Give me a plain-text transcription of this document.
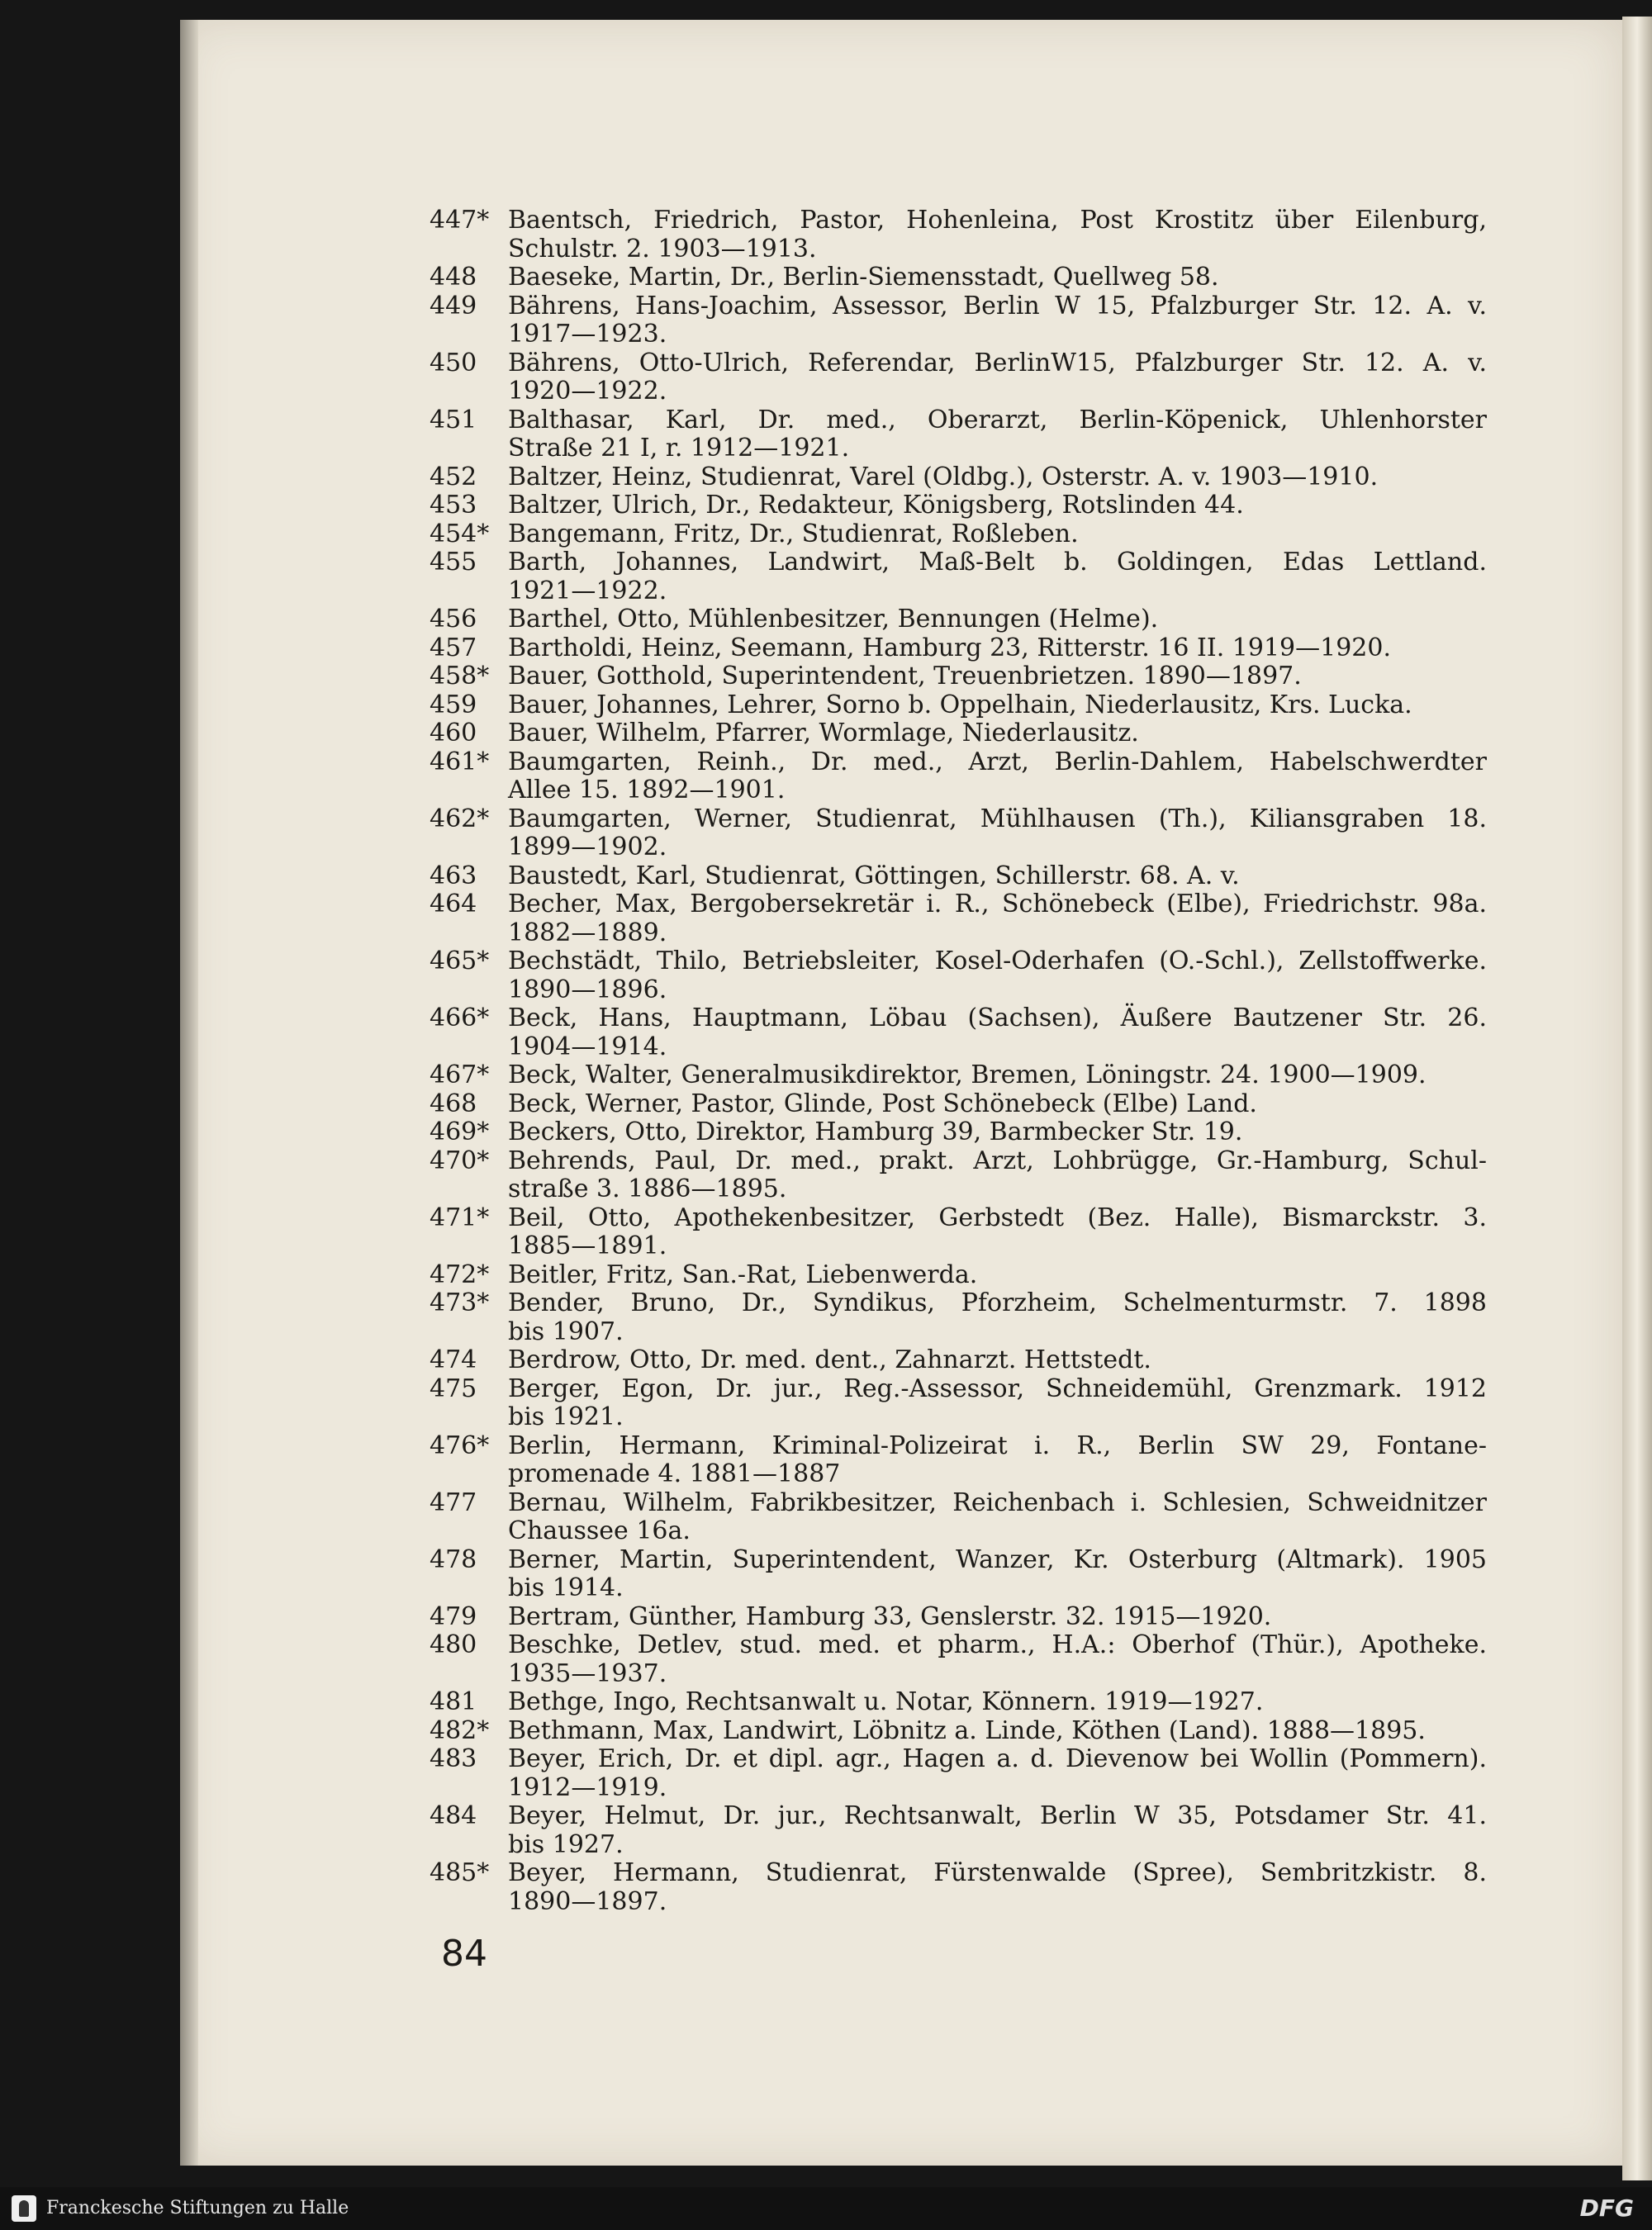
447* Baentsch, Friedrich, Pastor, Hohenleina, Post Krostitz über Eilenburg,
Schulstr. 2. 1903—1913.
448	Baeseke, Martin, Dr., Berlin-Siemensstadt, Quellweg 58.
449	Bährens, Hans-Joachim, Assessor, Berlin W 15, Pfalzburger Str. 12. A. v.
1917—1923.
450	Bährens, Otto-Ulrich, Referendar, BerlinW15, Pfalzburger Str. 12. A. v.
1920—1922.
451	Balthasar, Karl, Dr. med., Oberarzt, Berlin-Köpenick, Uhlenhorster
Straße 21 I, r. 1912—1921.
452	Baltzer, Heinz, Studienrat, Varel (Oldbg.), Osterstr. A. v. 1903—1910.
453	Baltzer, Ulrich, Dr., Redakteur, Königsberg, Rotslinden 44.
454* Bangemann, Fritz, Dr., Studienrat, Roßleben.
455	Barth, Johannes, Landwirt, Maß-Belt b. Goldingen, Edas Lettland.
1921—1922.
456	Barthel, Otto, Mühlenbesitzer, Bennungen (Helme).
457	Bartholdi, Heinz, Seemann, Hamburg 23, Ritterstr. 16 II. 1919—1920.
458* Bauer, Gotthold, Superintendent, Treuenbrietzen. 1890—1897.
459	Bauer, Johannes, Lehrer, Sorno b. Oppelhain, Niederlausitz, Krs. Lucka.
460	Bauer, Wilhelm, Pfarrer, Wormlage, Niederlausitz.
461* Baumgarten, Reinh., Dr. med., Arzt, Berlin-Dahlem, Habelschwerdter
Allee 15. 1892—1901.
462* Baumgarten, Werner, Studienrat, Mühlhausen (Th.), Kiliansgraben 18.
1899—1902.
463	Baustedt, Karl, Studienrat, Göttingen, Schillerstr. 68. A. v.
464	Becher, Max, Bergobersekretär i. R., Schönebeck (Elbe), Friedrichstr. 98a.
1882—1889.
465* Bechstädt, Thilo, Betriebsleiter, Kosel-Oderhafen (O.-Schl.), Zellstoffwerke.
1890—1896.
466* Beck, Hans, Hauptmann, Löbau (Sachsen), Äußere Bautzener Str. 26.
1904—1914.
467* Beck, Walter, Generalmusikdirektor, Bremen, Löningstr. 24. 1900—1909.
468	Beck, Werner, Pastor, Glinde, Post Schönebeck (Elbe) Land.
469* Beckers, Otto, Direktor, Hamburg 39, Barmbecker Str. 19.
470* Behrends, Paul, Dr. med., prakt. Arzt, Lohbrügge, Gr.-Hamburg, Schul-
straße 3. 1886—1895.
471* Beil, Otto, Apothekenbesitzer, Gerbstedt (Bez. Halle), Bismarckstr. 3.
1885—1891.
472* Beitler, Fritz, San.-Rat, Liebenwerda.
473* Bender, Bruno, Dr., Syndikus, Pforzheim, Schelmenturmstr. 7. 1898
bis 1907.
474	Berdrow, Otto, Dr. med. dent., Zahnarzt. Hettstedt.
475	Berger, Egon, Dr. jur., Reg.-Assessor, Schneidemühl, Grenzmark. 1912
bis 1921.
476* Berlin, Hermann, Kriminal-Polizeirat i. R., Berlin SW 29, Fontane-
promenade 4. 1881—1887
477	Bernau, Wilhelm, Fabrikbesitzer, Reichenbach i. Schlesien, Schweidnitzer
Chaussee 16a.
478	Berner, Martin, Superintendent, Wanzer, Kr. Osterburg (Altmark). 1905
bis 1914.
479	Bertram, Günther, Hamburg 33, Genslerstr. 32. 1915—1920.
480	Beschke, Detlev, stud. med. et pharm., H.A.: Oberhof (Thür.), Apotheke.
1935—1937.
481	Bethge, Ingo, Rechtsanwalt u. Notar, Könnern. 1919—1927.
482* Bethmann, Max, Landwirt, Löbnitz a. Linde, Köthen (Land). 1888—1895.
483	Beyer, Erich, Dr. et dipl. agr., Hagen a. d. Dievenow bei Wollin (Pommern).
1912—1919.
484	Beyer, Helmut, Dr. jur., Rechtsanwalt, Berlin W 35, Potsdamer Str. 41.
bis 1927.
485* Beyer, Hermann, Studienrat, Fürstenwalde (Spree), Sembritzkistr. 8.
1890—1897.
84
Franckesche Stiftungen zu Halle	DFG
